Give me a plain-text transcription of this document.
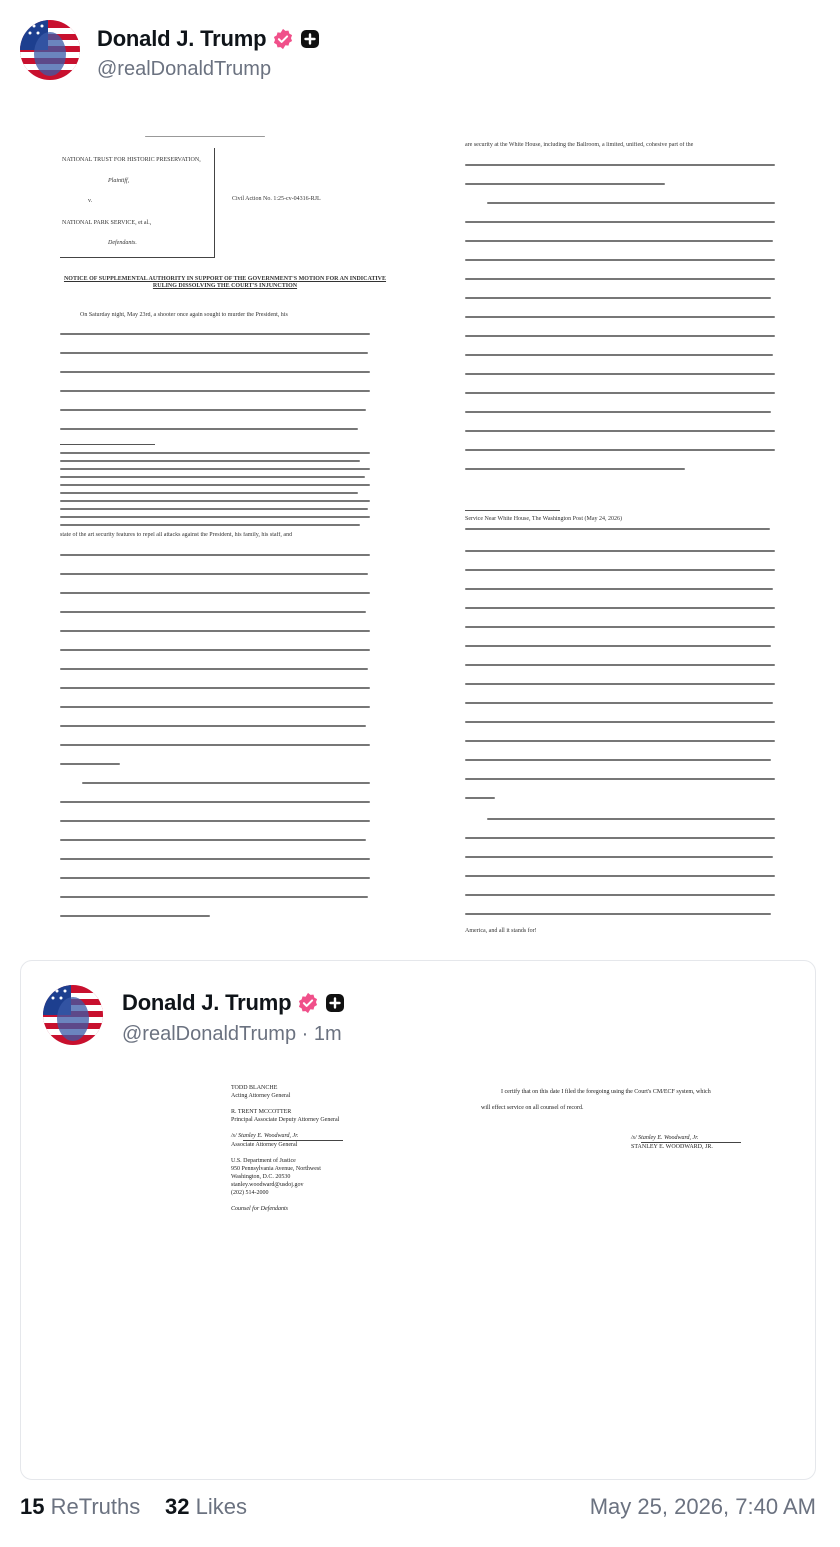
Donald J. Trump
@realDonaldTrump
NATIONAL TRUST FOR HISTORIC PRESERVATION,
Plaintiff,
v.
NATIONAL PARK SERVICE, et al.,
Defendants.
Civil Action No. 1:25-cv-04316-RJL
NOTICE OF SUPPLEMENTAL AUTHORITY IN SUPPORT OF THE GOVERNMENT'S MOTION FOR AN INDICATIVE RULING DISSOLVING THE COURT'S INJUNCTION
On Saturday night, May 23rd, a shooter once again sought to murder the President, his
state of the art security features to repel all attacks against the President, his family, his staff, and
are security at the White House, including the Ballroom, a limited, unified, cohesive part of the
Service Near White House, The Washington Post (May 24, 2026)
America, and all it stands for!
Donald J. Trump
@realDonaldTrump · 1m
TODD BLANCHE
Acting Attorney General
R. TRENT MCCOTTER
Principal Associate Deputy Attorney General
/s/ Stanley E. Woodward, Jr.
Associate Attorney General
U.S. Department of Justice
950 Pennsylvania Avenue, Northwest
Washington, D.C. 20530
stanley.woodward@usdoj.gov
(202) 514-2000
Counsel for Defendants
I certify that on this date I filed the foregoing using the Court's CM/ECF system, which
will effect service on all counsel of record.
/s/ Stanley E. Woodward, Jr.
STANLEY E. WOODWARD, JR.
15 ReTruths 32 Likes	May 25, 2026, 7:40 AM
